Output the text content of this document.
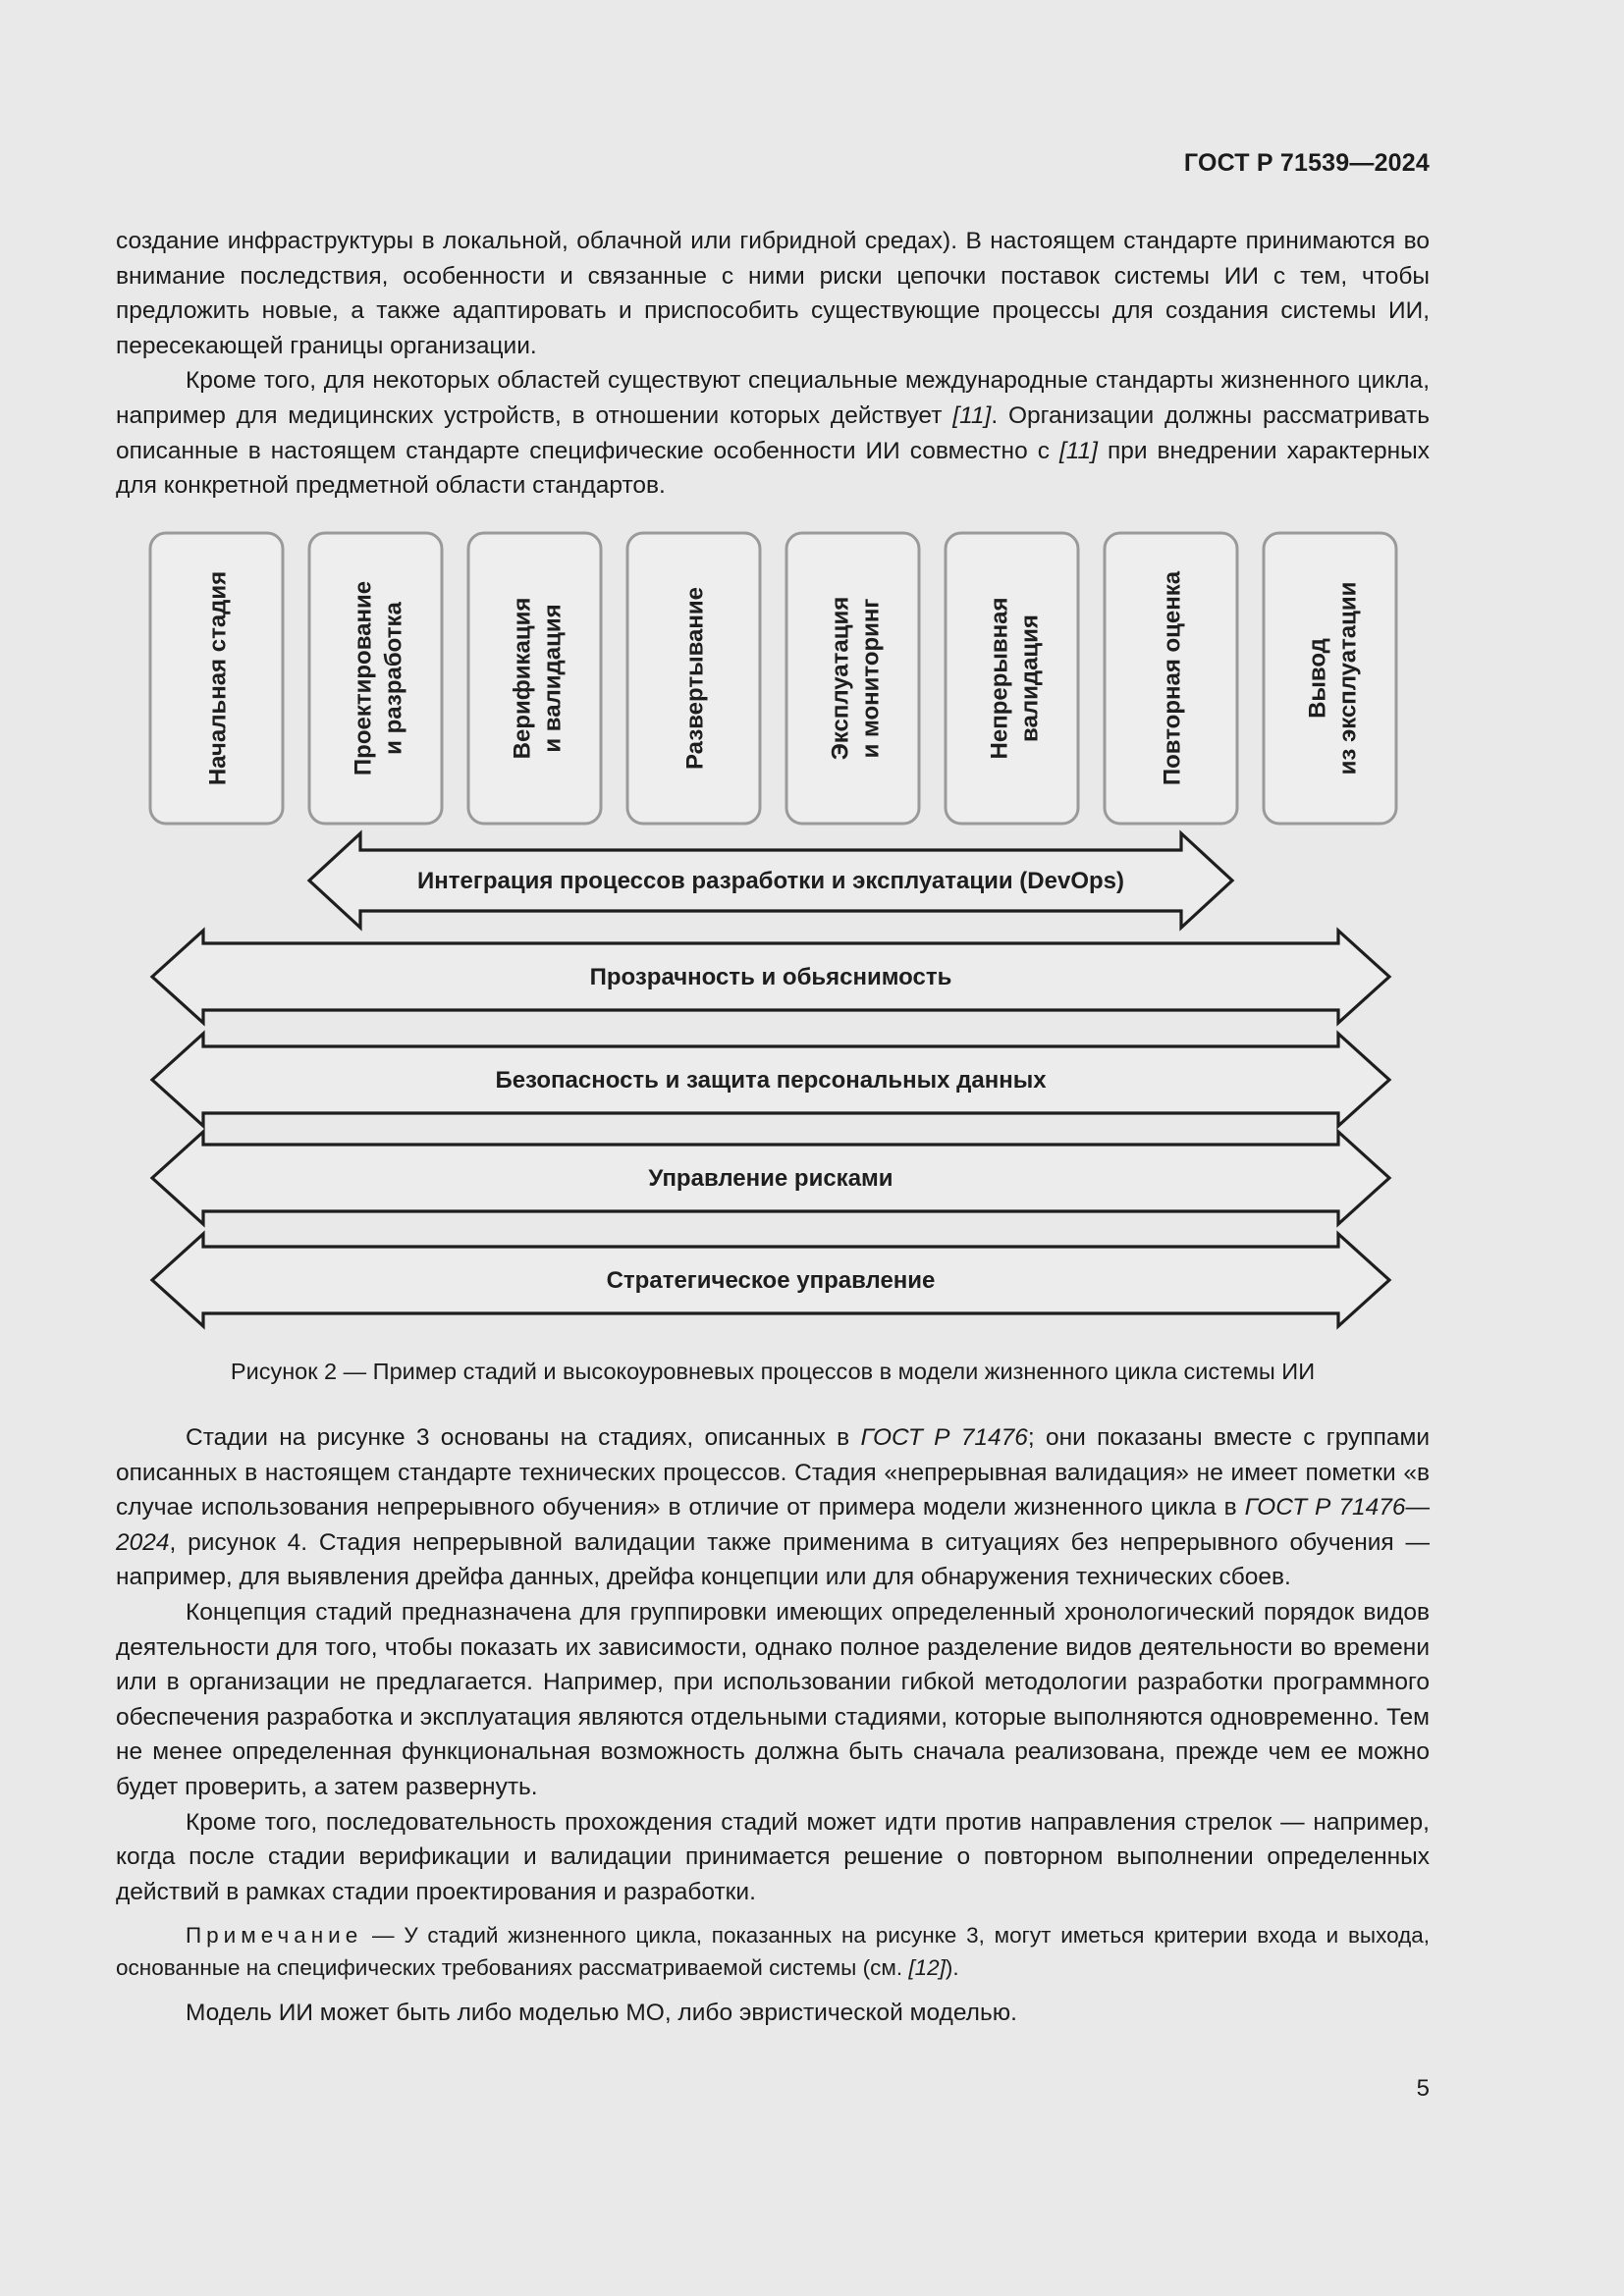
ГОСТ Р 71539—2024

создание инфраструктуры в локальной, облачной или гибридной средах). В настоящем стандарте принимаются во внимание последствия, особенности и связанные с ними риски цепочки поставок системы ИИ с тем, чтобы предложить новые, а также адаптировать и приспособить существующие процессы для создания системы ИИ, пересекающей границы организации.

Кроме того, для некоторых областей существуют специальные международные стандарты жизненного цикла, например для медицинских устройств, в отношении которых действует [11]. Организации должны рассматривать описанные в настоящем стандарте специфические особенности ИИ совместно с [11] при внедрении характерных для конкретной предметной области стандартов.

Начальная стадия	Проектирование и разработка	Верификация и валидация	Развертывание	Эксплуатация и мониторинг	Непрерывная валидация	Повторная оценка	Вывод из эксплуатации
Интеграция процессов разработки и эксплуатации (DevOps)
Прозрачность и обьяснимость
Безопасность и защита персональных данных
Управление рисками
Стратегическое управление
Рисунок 2 — Пример стадий и высокоуровневых процессов в модели жизненного цикла системы ИИ

Стадии на рисунке 3 основаны на стадиях, описанных в ГОСТ Р 71476; они показаны вместе с группами описанных в настоящем стандарте технических процессов. Стадия «непрерывная валидация» не имеет пометки «в случае использования непрерывного обучения» в отличие от примера модели жизненного цикла в ГОСТ Р 71476—2024, рисунок 4. Стадия непрерывной валидации также применима в ситуациях без непрерывного обучения — например, для выявления дрейфа данных, дрейфа концепции или для обнаружения технических сбоев.

Концепция стадий предназначена для группировки имеющих определенный хронологический порядок видов деятельности для того, чтобы показать их зависимости, однако полное разделение видов деятельности во времени или в организации не предлагается. Например, при использовании гибкой методологии разработки программного обеспечения разработка и эксплуатация являются отдельными стадиями, которые выполняются одновременно. Тем не менее определенная функциональная возможность должна быть сначала реализована, прежде чем ее можно будет проверить, а затем развернуть.

Кроме того, последовательность прохождения стадий может идти против направления стрелок — например, когда после стадии верификации и валидации принимается решение о повторном выполнении определенных действий в рамках стадии проектирования и разработки.

Примечание — У стадий жизненного цикла, показанных на рисунке 3, могут иметься критерии входа и выхода, основанные на специфических требованиях рассматриваемой системы (см. [12]).

Модель ИИ может быть либо моделью МО, либо эвристической моделью.

5
